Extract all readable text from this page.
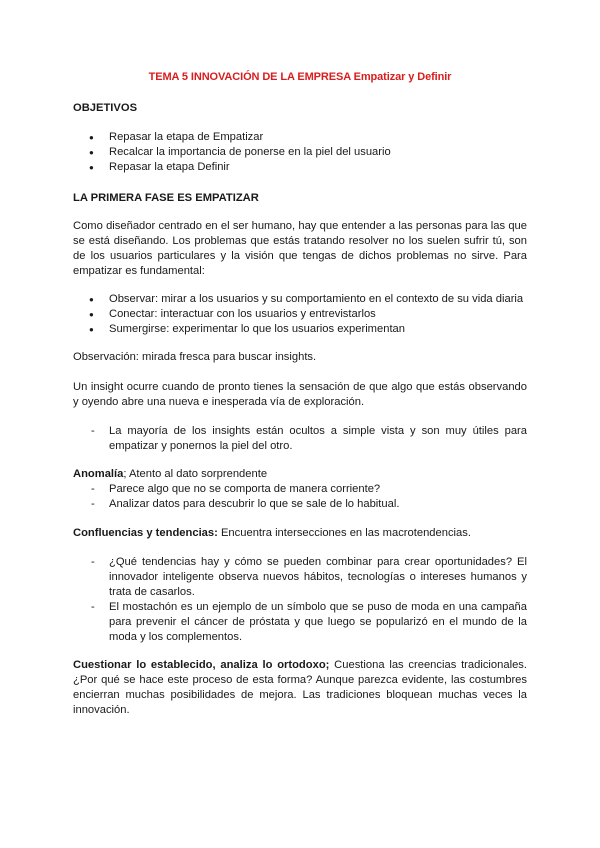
TEMA 5 INNOVACIÓN DE LA EMPRESA Empatizar y Definir
OBJETIVOS
● Repasar la etapa de Empatizar
● Recalcar la importancia de ponerse en la piel del usuario
● Repasar la etapa Definir
LA PRIMERA FASE ES EMPATIZAR
Como diseñador centrado en el ser humano, hay que entender a las personas para las que se está diseñando. Los problemas que estás tratando resolver no los suelen sufrir tú, son de los usuarios particulares y la visión que tengas de dichos problemas no sirve. Para empatizar es fundamental:
● Observar: mirar a los usuarios y su comportamiento en el contexto de su vida diaria
● Conectar: interactuar con los usuarios y entrevistarlos
● Sumergirse: experimentar lo que los usuarios experimentan
Observación: mirada fresca para buscar insights.
Un insight ocurre cuando de pronto tienes la sensación de que algo que estás observando y oyendo abre una nueva e inesperada vía de exploración.
- La mayoría de los insights están ocultos a simple vista y son muy útiles para empatizar y ponernos la piel del otro.
Anomalía; Atento al dato sorprendente
- Parece algo que no se comporta de manera corriente?
- Analizar datos para descubrir lo que se sale de lo habitual.
Confluencias y tendencias: Encuentra intersecciones en las macrotendencias.
- ¿Qué tendencias hay y cómo se pueden combinar para crear oportunidades? El innovador inteligente observa nuevos hábitos, tecnologías o intereses humanos y trata de casarlos.
- El mostachón es un ejemplo de un símbolo que se puso de moda en una campaña para prevenir el cáncer de próstata y que luego se popularizó en el mundo de la moda y los complementos.
Cuestionar lo establecido, analiza lo ortodoxo; Cuestiona las creencias tradicionales. ¿Por qué se hace este proceso de esta forma? Aunque parezca evidente, las costumbres encierran muchas posibilidades de mejora. Las tradiciones bloquean muchas veces la innovación.
